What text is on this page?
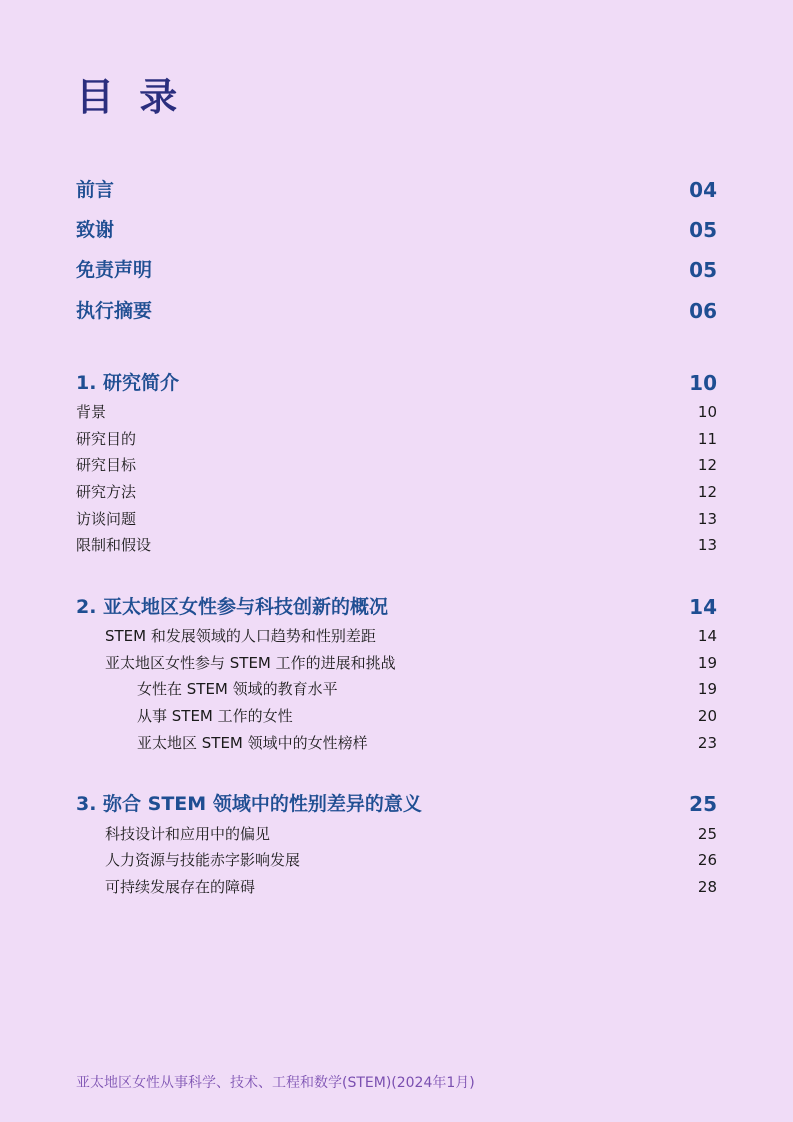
目 录
前言	04
致谢	05
免责声明	05
执行摘要	06
1. 研究简介	10
背景	10
研究目的	11
研究目标	12
研究方法	12
访谈问题	13
限制和假设	13
2. 亚太地区女性参与科技创新的概况	14
STEM 和发展领域的人口趋势和性别差距	14
亚太地区女性参与 STEM 工作的进展和挑战	19
女性在 STEM 领域的教育水平	19
从事 STEM 工作的女性	20
亚太地区 STEM 领域中的女性榜样	23
3. 弥合 STEM 领域中的性别差异的意义	25
科技设计和应用中的偏见	25
人力资源与技能赤字影响发展	26
可持续发展存在的障碍	28
亚太地区女性从事科学、技术、工程和数学(STEM)(2024年1月)
